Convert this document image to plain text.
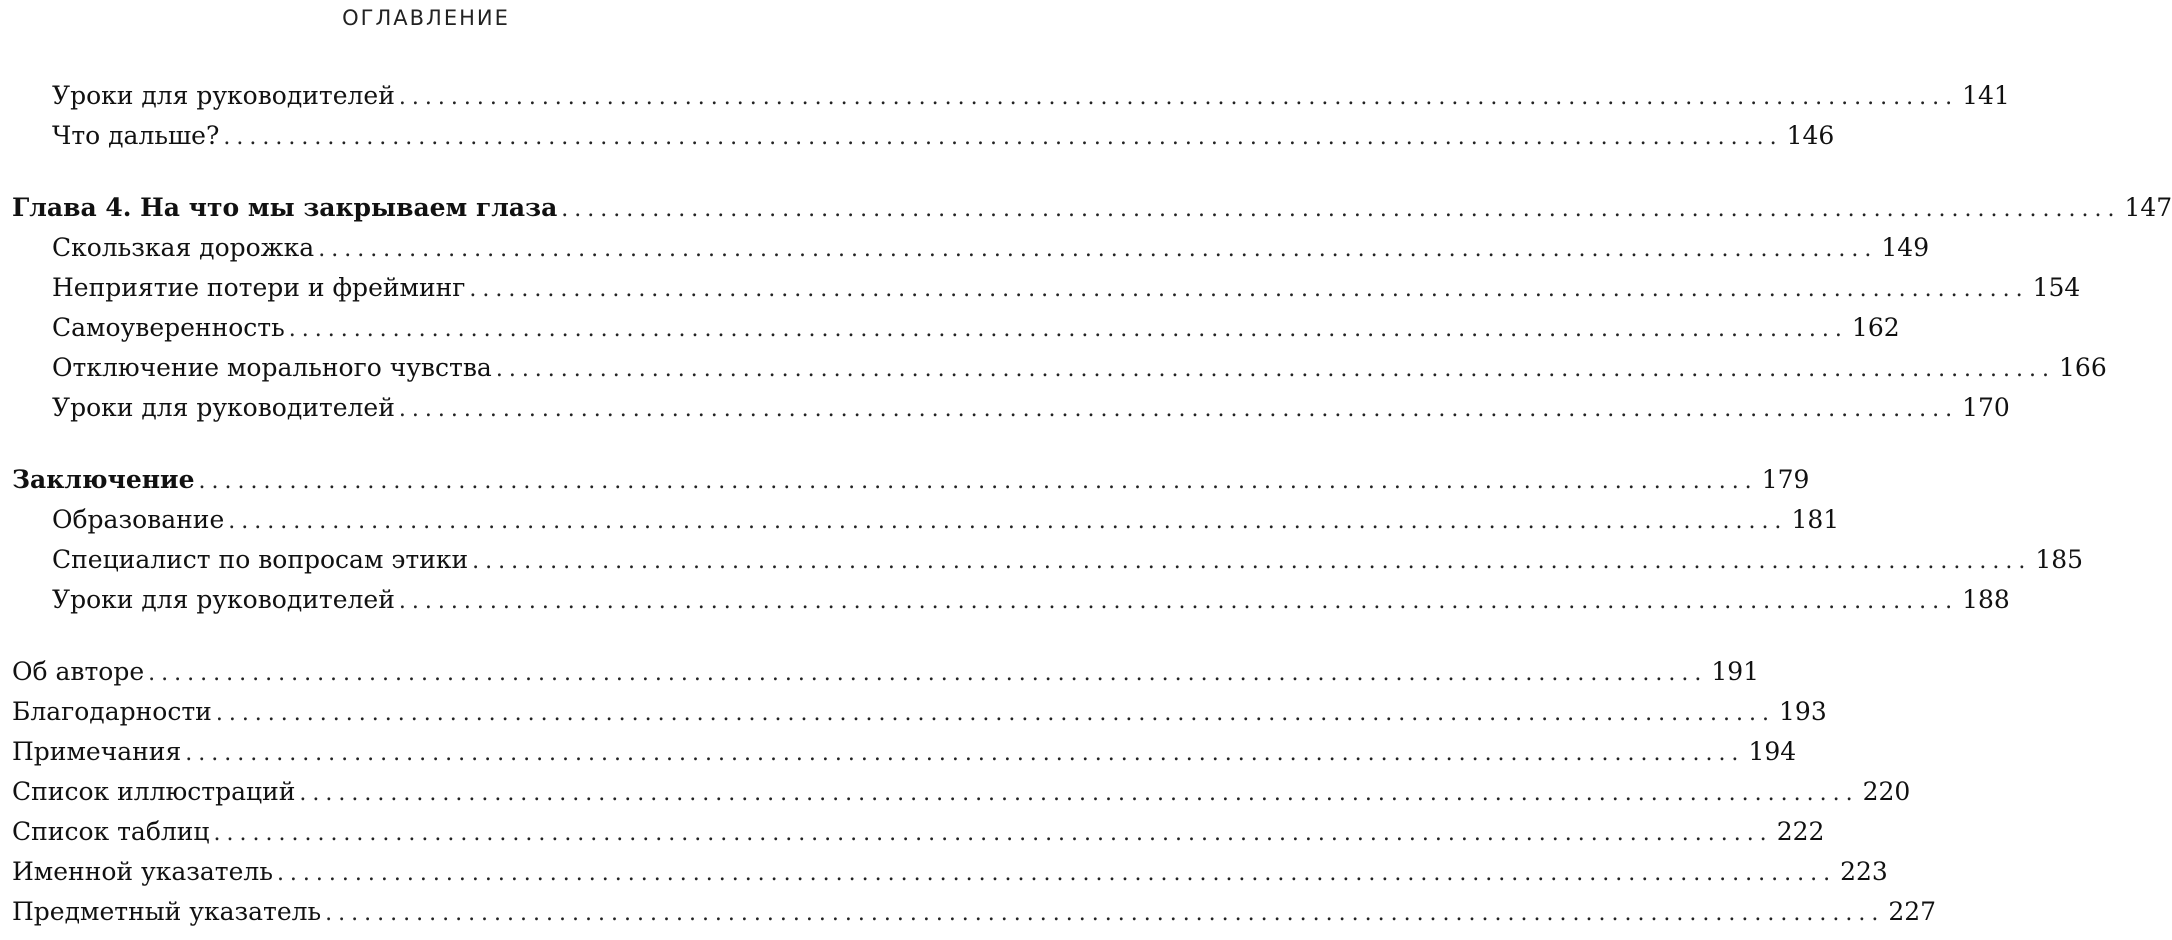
ОГЛАВЛЕНИЕ
Уроки для руководителей ........................................................................................................................ 141
Что дальше? ........................................................................................................................ 146
Глава 4. На что мы закрываем глаза ........................................................................................................................ 147
Скользкая дорожка ........................................................................................................................ 149
Неприятие потери и фрейминг ........................................................................................................................ 154
Самоуверенность ........................................................................................................................ 162
Отключение морального чувства ........................................................................................................................ 166
Уроки для руководителей ........................................................................................................................ 170
Заключение ........................................................................................................................ 179
Образование ........................................................................................................................ 181
Специалист по вопросам этики ........................................................................................................................ 185
Уроки для руководителей ........................................................................................................................ 188
Об авторе ........................................................................................................................ 191
Благодарности ........................................................................................................................ 193
Примечания ........................................................................................................................ 194
Список иллюстраций ........................................................................................................................ 220
Список таблиц ........................................................................................................................ 222
Именной указатель ........................................................................................................................ 223
Предметный указатель ........................................................................................................................ 227
